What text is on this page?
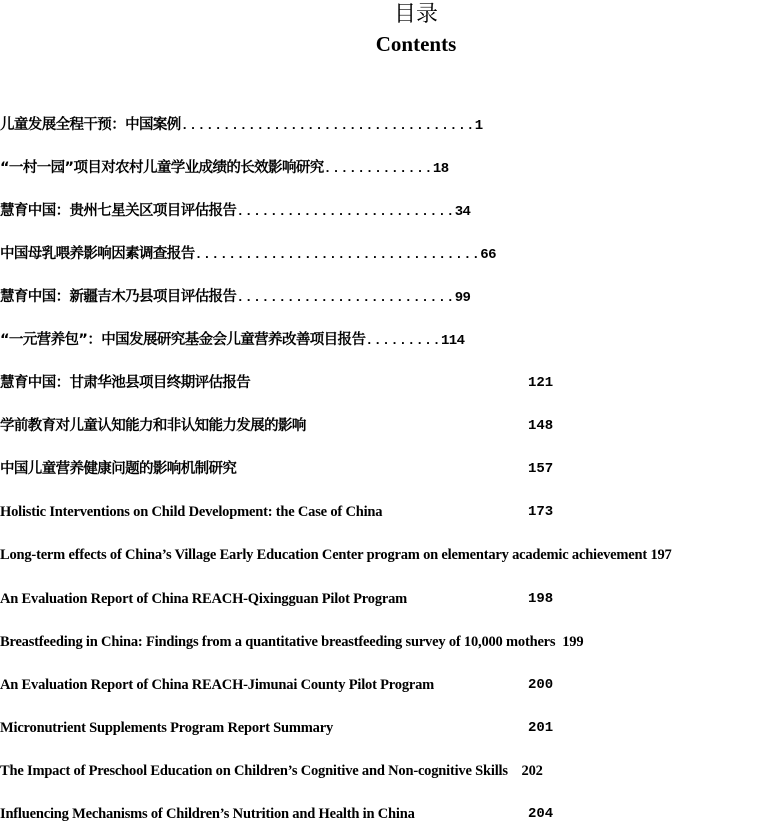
目录
Contents
儿童发展全程干预：中国案例...................................1
“一村一园”项目对农村儿童学业成绩的长效影响研究.............18
慧育中国：贵州七星关区项目评估报告..........................34
中国母乳喂养影响因素调查报告..................................66
慧育中国：新疆吉木乃县项目评估报告..........................99
“一元营养包”：中国发展研究基金会儿童营养改善项目报告.........114
慧育中国：甘肃华池县项目终期评估报告	121
学前教育对儿童认知能力和非认知能力发展的影响	148
中国儿童营养健康问题的影响机制研究	157
Holistic Interventions on Child Development: the Case of China	173
Long-term effects of China’s Village Early Education Center program on elementary academic achievement 197
An Evaluation Report of China REACH-Qixingguan Pilot Program	198
Breastfeeding in China: Findings from a quantitative breastfeeding survey of 10,000 mothers 199
An Evaluation Report of China REACH-Jimunai County Pilot Program	200
Micronutrient Supplements Program Report Summary	201
The Impact of Preschool Education on Children’s Cognitive and Non-cognitive Skills 202
Influencing Mechanisms of Children’s Nutrition and Health in China	204
